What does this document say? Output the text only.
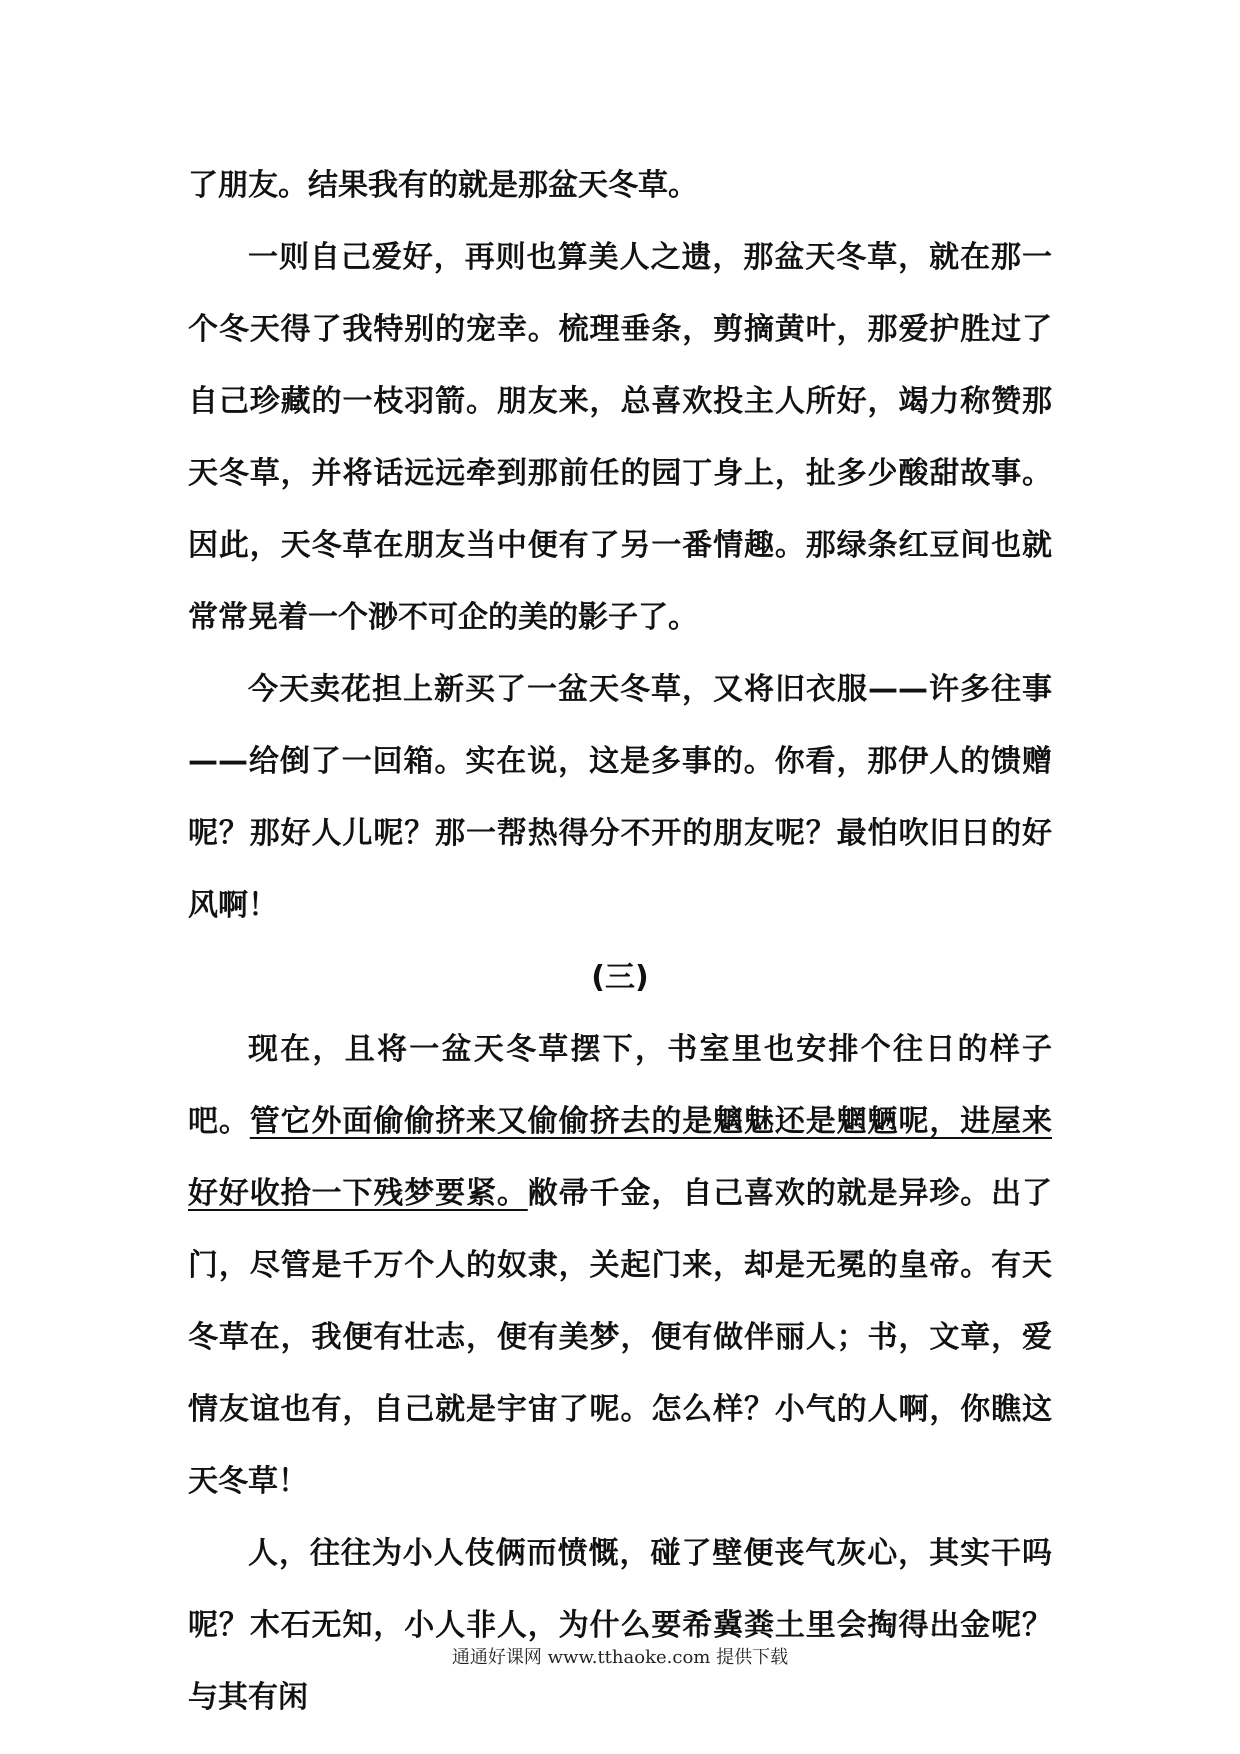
了朋友。结果我有的就是那盆天冬草。

一则自己爱好，再则也算美人之遗，那盆天冬草，就在那一个冬天得了我特别的宠幸。梳理垂条，剪摘黄叶，那爱护胜过了自己珍藏的一枝羽箭。朋友来，总喜欢投主人所好，竭力称赞那天冬草，并将话远远牵到那前任的园丁身上，扯多少酸甜故事。因此，天冬草在朋友当中便有了另一番情趣。那绿条红豆间也就常常晃着一个渺不可企的美的影子了。

今天卖花担上新买了一盆天冬草，又将旧衣服——许多往事——给倒了一回箱。实在说，这是多事的。你看，那伊人的馈赠呢？那好人儿呢？那一帮热得分不开的朋友呢？最怕吹旧日的好风啊！

(三)

现在，且将一盆天冬草摆下，书室里也安排个往日的样子吧。管它外面偷偷挤来又偷偷挤去的是魑魅还是魍魉呢，进屋来好好收拾一下残梦要紧。敝帚千金，自己喜欢的就是异珍。出了门，尽管是千万个人的奴隶，关起门来，却是无冕的皇帝。有天冬草在，我便有壮志，便有美梦，便有做伴丽人；书，文章，爱情友谊也有，自己就是宇宙了呢。怎么样？小气的人啊，你瞧这天冬草！

人，往往为小人伎俩而愤慨，碰了壁便丧气灰心，其实干吗呢？木石无知，小人非人，为什么要希冀粪土里会掏得出金呢？与其有闲

通通好课网 www.tthaoke.com 提供下载
